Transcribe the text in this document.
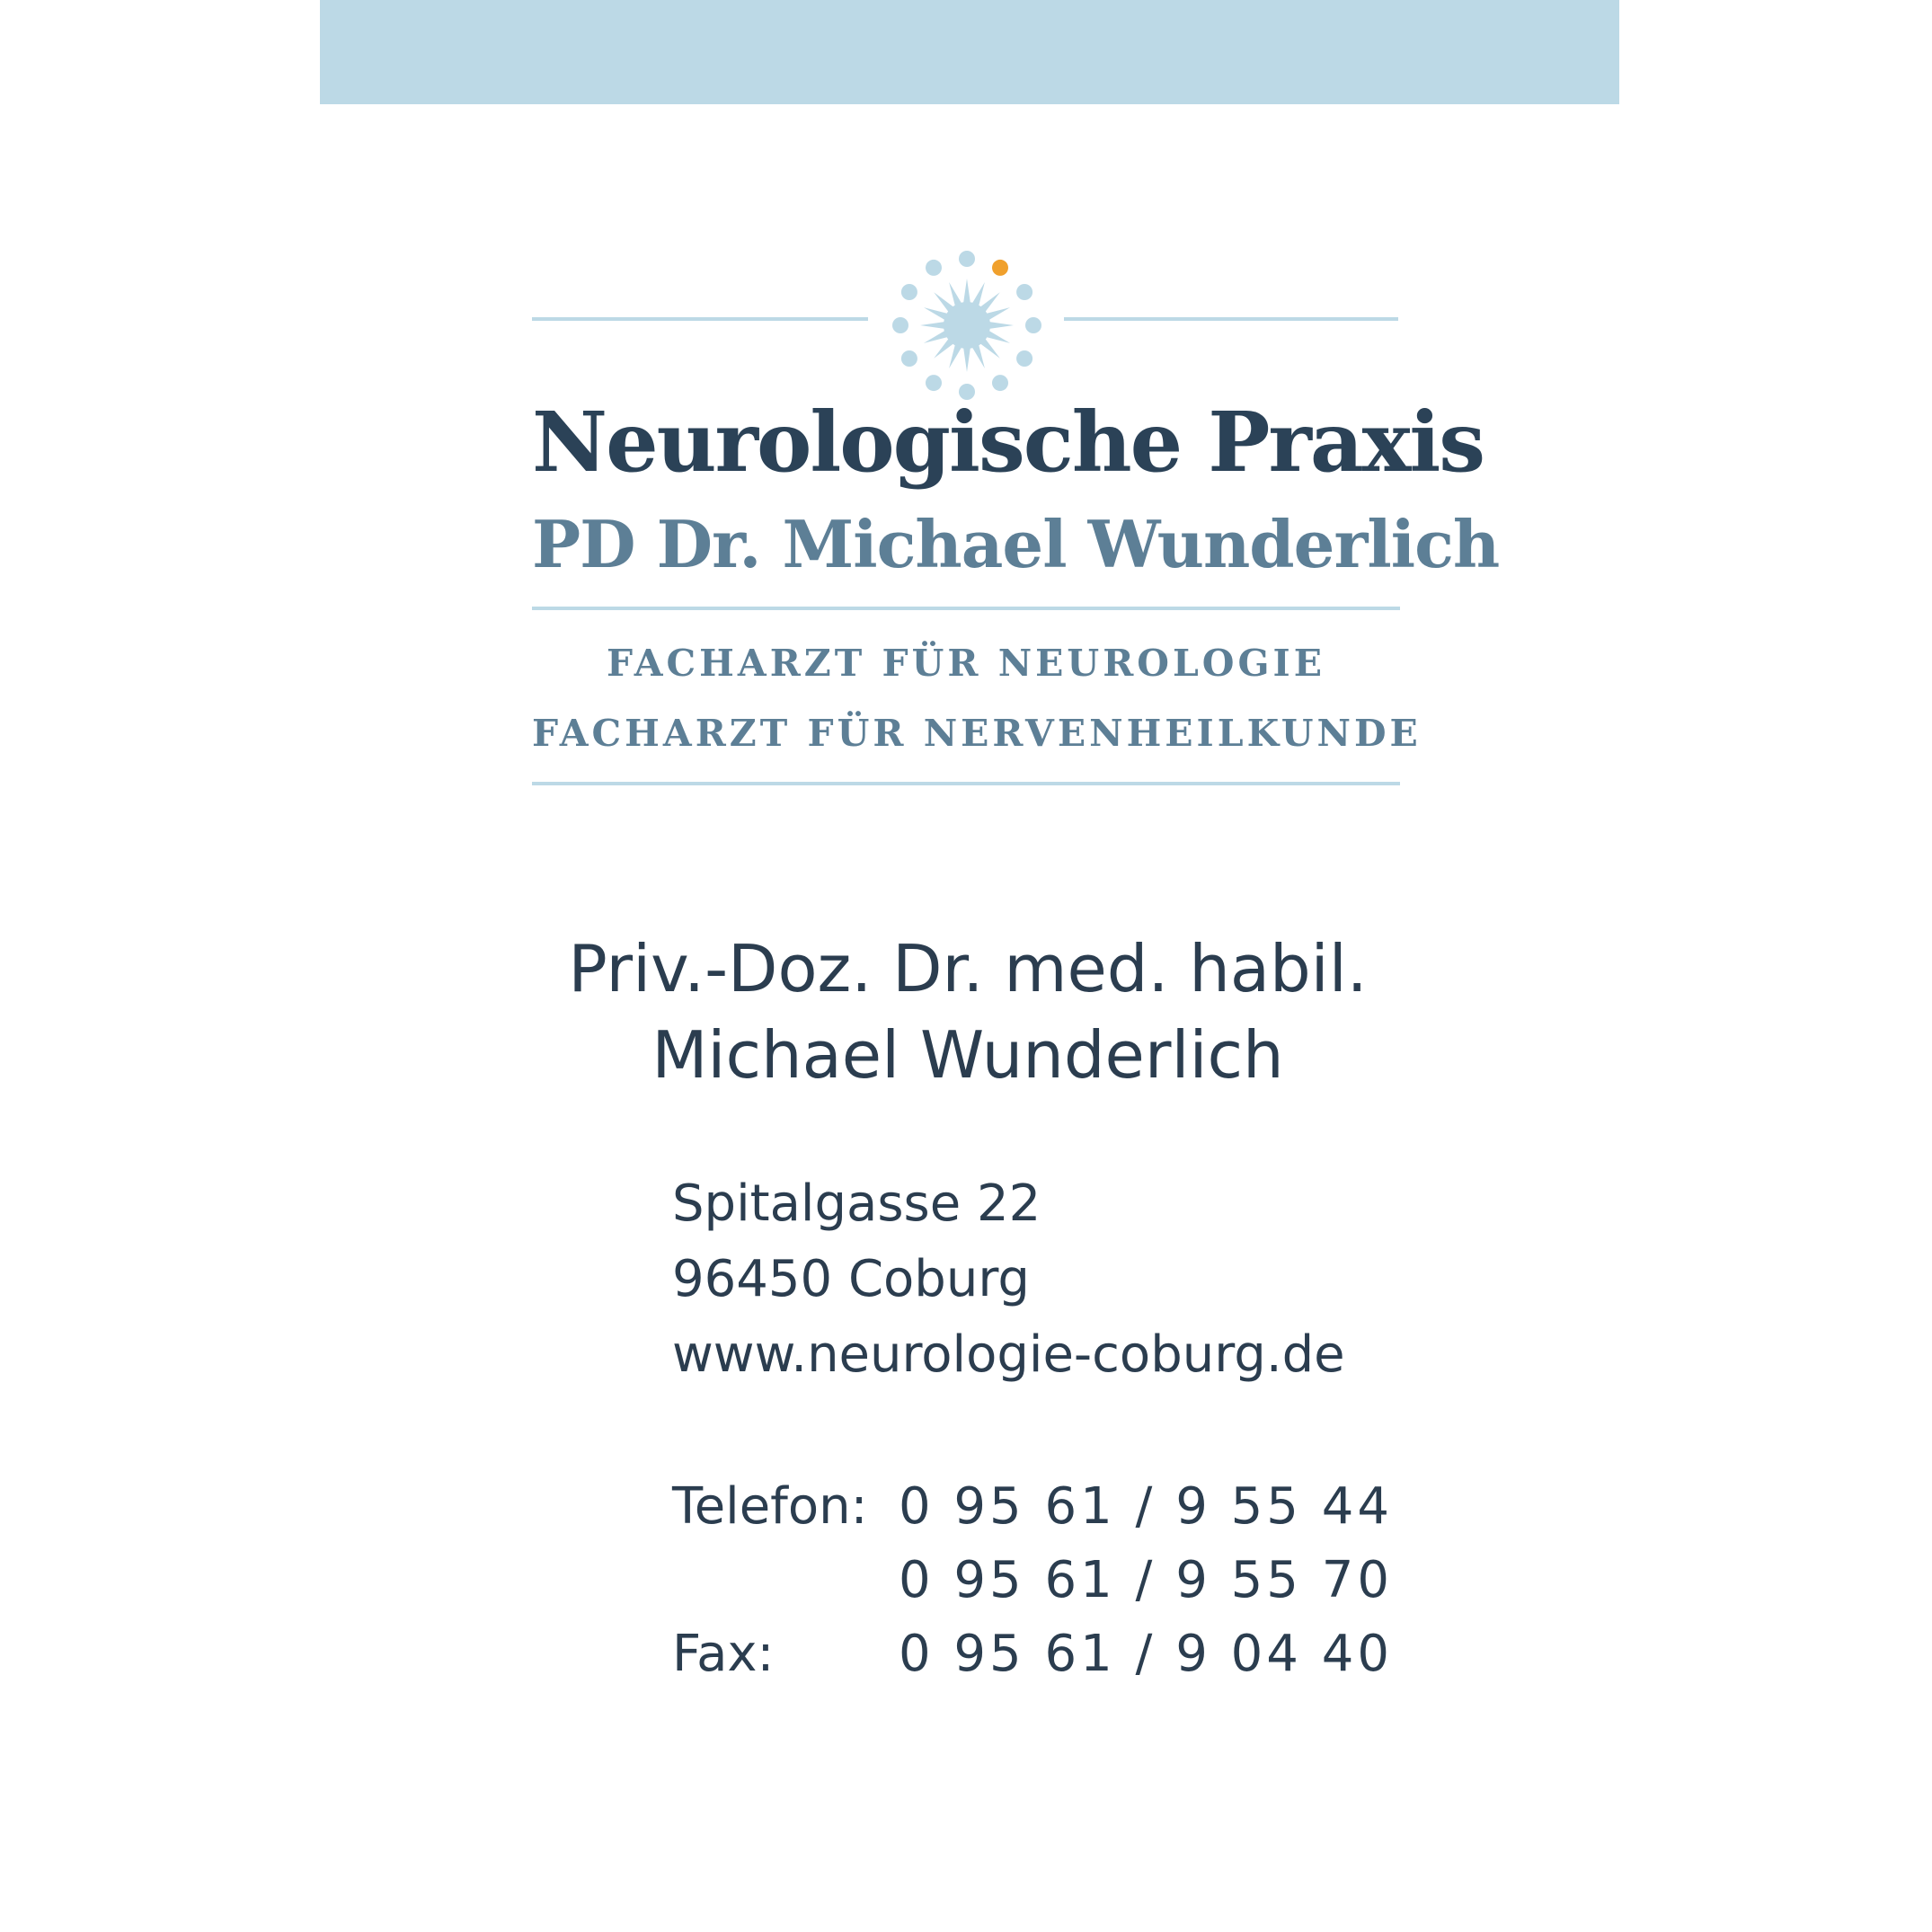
Neurologische Praxis
PD Dr. Michael Wunderlich
FACHARZT FÜR NEUROLOGIE
FACHARZT FÜR NERVENHEILKUNDE
Priv.-Doz. Dr. med. habil.
Michael Wunderlich
Spitalgasse 22
96450 Coburg
www.neurologie-coburg.de
Telefon: 0 95 61 / 9 55 44
0 95 61 / 9 55 70
Fax: 0 95 61 / 9 04 40
